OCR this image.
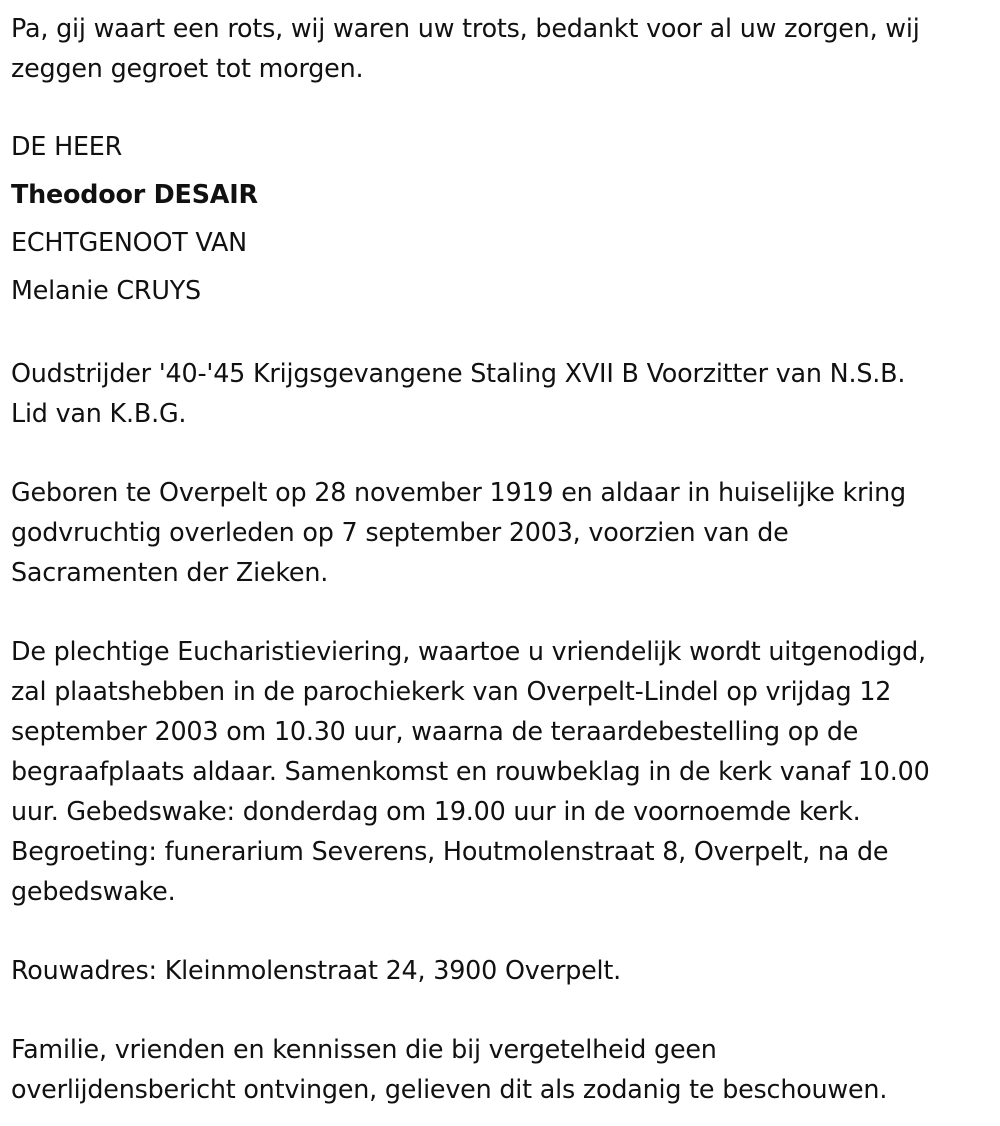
Pa, gij waart een rots, wij waren uw trots, bedankt voor al uw zorgen, wij
zeggen gegroet tot morgen.

DE HEER
Theodoor DESAIR
ECHTGENOOT VAN
Melanie CRUYS

Oudstrijder '40-'45 Krijgsgevangene Staling XVII B Voorzitter van N.S.B.
Lid van K.B.G.

Geboren te Overpelt op 28 november 1919 en aldaar in huiselijke kring
godvruchtig overleden op 7 september 2003, voorzien van de
Sacramenten der Zieken.

De plechtige Eucharistieviering, waartoe u vriendelijk wordt uitgenodigd,
zal plaatshebben in de parochiekerk van Overpelt-Lindel op vrijdag 12
september 2003 om 10.30 uur, waarna de teraardebestelling op de
begraafplaats aldaar. Samenkomst en rouwbeklag in de kerk vanaf 10.00
uur. Gebedswake: donderdag om 19.00 uur in de voornoemde kerk.
Begroeting: funerarium Severens, Houtmolenstraat 8, Overpelt, na de
gebedswake.

Rouwadres: Kleinmolenstraat 24, 3900 Overpelt.

Familie, vrienden en kennissen die bij vergetelheid geen
overlijdensbericht ontvingen, gelieven dit als zodanig te beschouwen.
